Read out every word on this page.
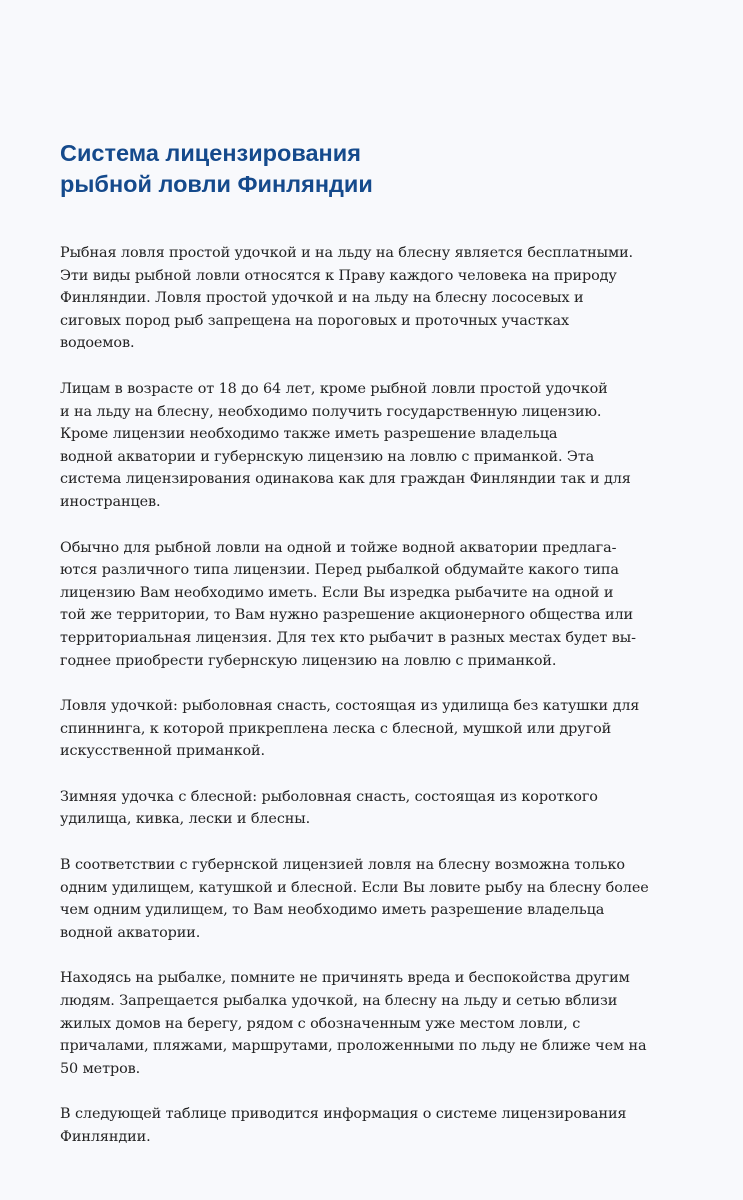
Система лицензирования
рыбной ловли Финляндии
Рыбная ловля простой удочкой и на льду на блесну является бесплатными.
Эти виды рыбной ловли относятся к Праву каждого человека на природу
Финляндии. Ловля простой удочкой и на льду на блесну лососевых и
сиговых пород рыб запрещена на пороговых и проточных участках
водоемов.
Лицам в возрасте от 18 до 64 лет, кроме рыбной ловли простой удочкой
и на льду на блесну, необходимо получить государственную лицензию.
Кроме лицензии необходимо также иметь разрешение владельца
водной акватории и губернскую лицензию на ловлю с приманкой. Эта
система лицензирования одинакова как для граждан Финляндии так и для
иностранцев.
Обычно для рыбной ловли на одной и тойже водной акватории предлага-
ются различного типа лицензии. Перед рыбалкой обдумайте какого типа
лицензию Вам необходимо иметь. Если Вы изредка рыбачите на одной и
той же территории, то Вам нужно разрешение акционерного общества или
территориальная лицензия. Для тех кто рыбачит в разных местах будет вы-
годнее приобрести губернскую лицензию на ловлю с приманкой.
Ловля удочкой: рыболовная снасть, состоящая из удилища без катушки для
спиннинга, к которой прикреплена леска с блесной, мушкой или другой
искусственной приманкой.
Зимняя удочка с блесной: рыболовная снасть, состоящая из короткого
удилища, кивка, лески и блесны.
В соответствии с губернской лицензией ловля на блесну возможна только
одним удилищем, катушкой и блесной. Если Вы ловите рыбу на блесну более
чем одним удилищем, то Вам необходимо иметь разрешение владельца
водной акватории.
Находясь на рыбалке, помните не причинять вреда и беспокойства другим
людям. Запрещается рыбалка удочкой, на блесну на льду и сетью вблизи
жилых домов на берегу, рядом с обозначенным уже местом ловли, с
причалами, пляжами, маршрутами, проложенными по льду не ближе чем на
50 метров.
В следующей таблице приводится информация о системе лицензирования
Финляндии.
